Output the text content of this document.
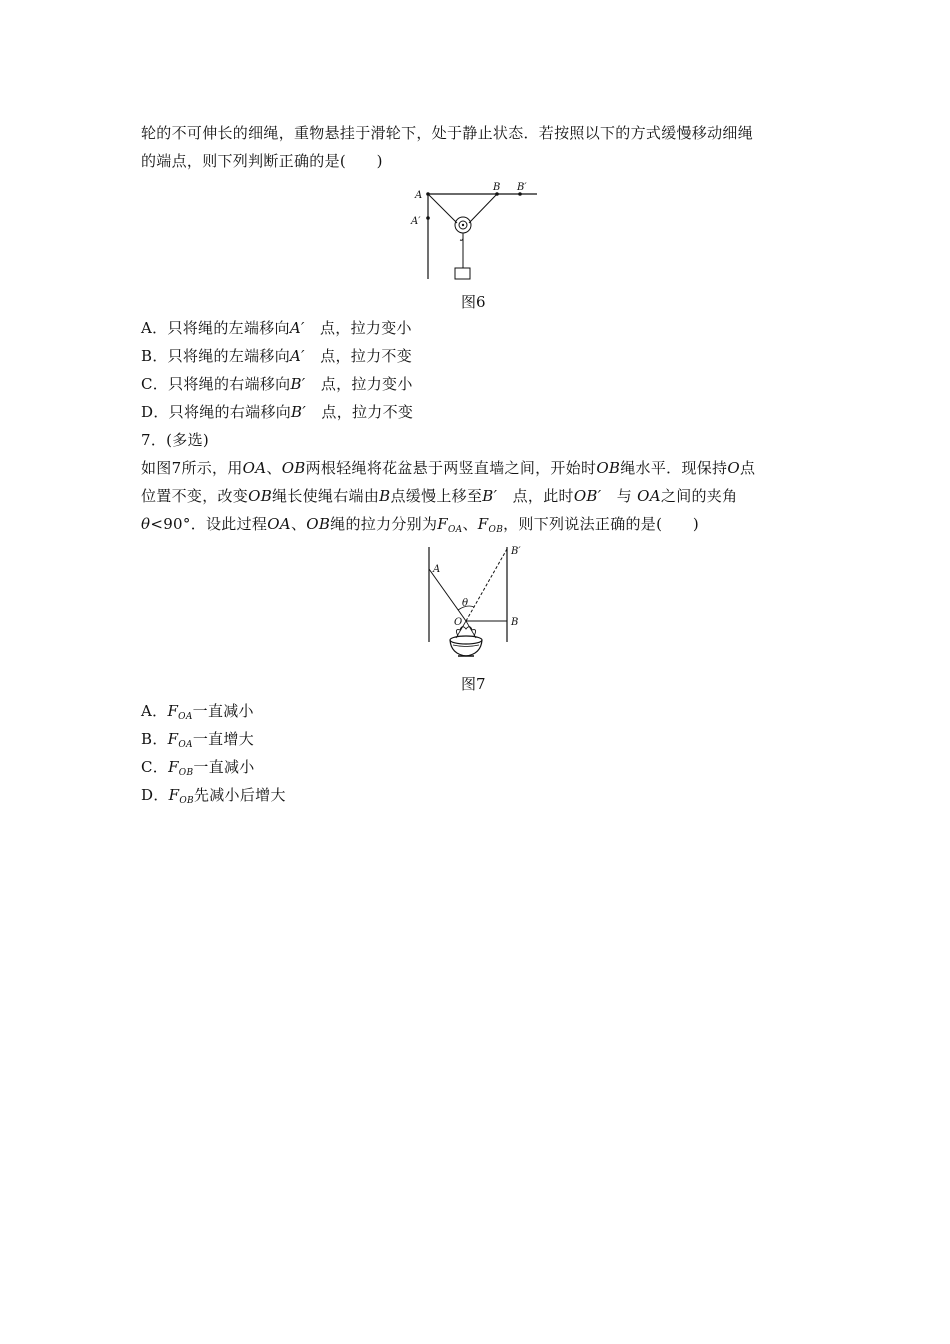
轮的不可伸长的细绳，重物悬挂于滑轮下，处于静止状态．若按照以下的方式缓慢移动细绳
的端点，则下列判断正确的是(　　)
A
A′
B B′
图6
A．只将绳的左端移向A′　 点，拉力变小
B．只将绳的左端移向A′　 点，拉力不变
C．只将绳的右端移向B′　 点，拉力变小
D．只将绳的右端移向B′　 点，拉力不变
7．(多选)
如图7所示，用OA、OB两根轻绳将花盆悬于两竖直墙之间，开始时OB绳水平．现保持O点
位置不变，改变OB绳长使绳右端由B点缓慢上移至B′　 点，此时OB′　 与 OA之间的夹角
θ<90°．设此过程OA、OB绳的拉力分别为$F_{OA}$、$F_{OB}$，则下列说法正确的是(　　)
A
B′
B
O
θ
图7
A．$F_{OA}$一直减小
B．$F_{OA}$一直增大
C．$F_{OB}$一直减小
D．$F_{OB}$先减小后增大
